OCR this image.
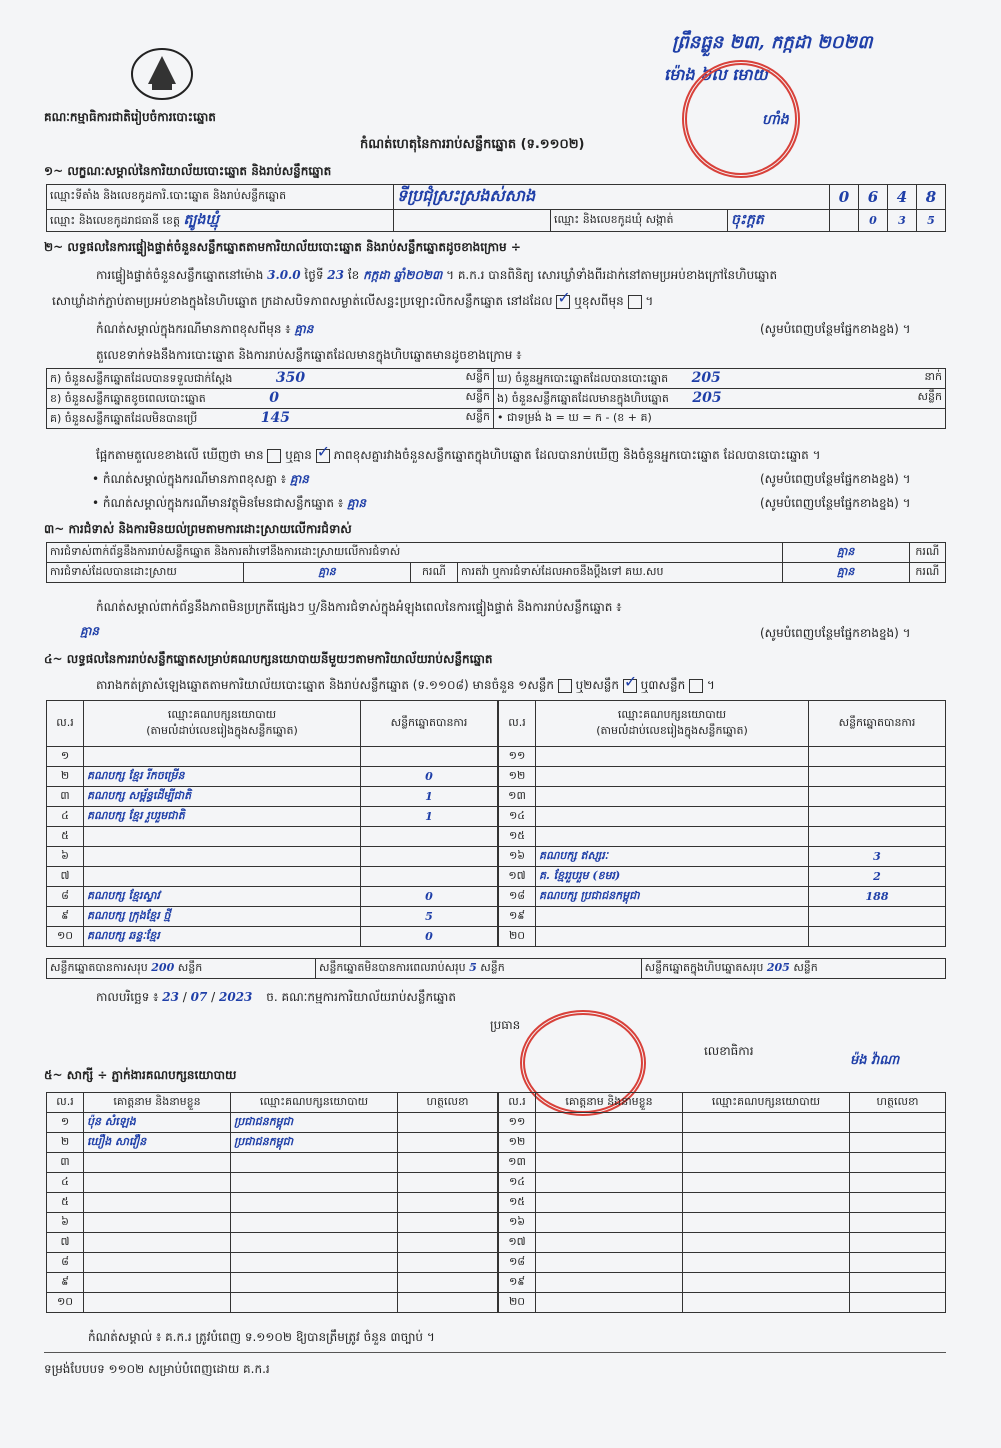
គណៈកម្មាធិការជាតិរៀបចំការបោះឆ្នោត
ព្រឹនធ្លួន ២៣, កក្កដា ២០២៣
ម៉ោង ៦ល​ មោយ
ហាំង
កំណត់ហេតុនៃការរាប់សន្លឹកឆ្នោត (ទ.១១០២)
១~ លក្ខណៈសម្គាល់នៃការិយាល័យបោះឆ្នោត និងរាប់សន្លឹកឆ្នោត
ឈ្មោះទីតាំង និងលេខកូដការិ.បោះឆ្នោត និងរាប់សន្លឹកឆ្នោត	ទីប្រជុំស្រះស្រងស់សាង			0	6	4	8
ឈ្មោះ និងលេខកូដរាជធានី ខេត្ត ត្បូងឃ្មុំ		ឈ្មោះ និងលេខកូដឃុំ សង្កាត់	ចុះក្តត		0	3	5
២~ លទ្ធផលនៃការផ្ទៀងផ្ទាត់ចំនួនសន្លឹកឆ្នោតតាមការិយាល័យបោះឆ្នោត និងរាប់សន្លឹកឆ្នោតដូចខាងក្រោម ÷
ការផ្ទៀងផ្ទាត់ចំនួនសន្លឹកឆ្នោតនៅម៉ោង 3.0.0 ថ្ងៃទី 23 ខែ កក្កដា ឆ្នាំ២០២៣ ។ គ.ក.រ បានពិនិត្យ ​សោរឃ្លាំទាំងពីរដាក់នៅតាមប្រអប់ខាងក្រៅនៃហិបឆ្នោត
សោឃ្លាំដាក់ភ្ជាប់តាមប្រអប់ខាងក្នុងនៃហិបឆ្នោត ក្រដាសបិទភាពសម្ងាត់លើសន្ទះប្រឡោះលិកសន្លឹកឆ្នោត នៅដដែល ✓ ឬខុសពីមុន  ។
កំណត់សម្គាល់ក្នុងករណីមានភាពខុសពីមុន ៖ គ្មាន	(សូមបំពេញបន្ថែមផ្នែកខាងខ្នង) ។
តួលេខទាក់ទងនឹងការបោះឆ្នោត និងការរាប់សន្លឹកឆ្នោតដែលមានក្នុងហិបឆ្នោតមានដូចខាងក្រោម ៖
ក) ចំនួនសន្លឹកឆ្នោតដែលបានទទួលជាក់ស្តែង 350 សន្លឹក	ឃ) ចំនួនអ្នកបោះឆ្នោតដែលបានបោះឆ្នោត 205 នាក់

ខ) ចំនួនសន្លឹកឆ្នោតខូចពេលបោះឆ្នោត 0 សន្លឹក	ង) ចំនួនសន្លឹកឆ្នោតដែលមានក្នុងហិបឆ្នោត 205 សន្លឹក

គ) ចំនួនសន្លឹកឆ្នោតដែលមិនបានប្រើ 145 សន្លឹក	• ជាទម្រង់ ង = ឃ = ក - (ខ + គ)
ផ្អែកតាមតួលេខខាងលើ ឃើញថា មាន ឬគ្មាន ✓ ភាពខុសគ្នារវាងចំនួនសន្លឹកឆ្នោតក្នុងហិបឆ្នោត ដែលបានរាប់ឃើញ និងចំនួនអ្នកបោះឆ្នោត ដែលបានបោះឆ្នោត ។
• កំណត់សម្គាល់ក្នុងករណីមានភាពខុសគ្នា ៖ គ្មាន	(សូមបំពេញបន្ថែមផ្នែកខាងខ្នង) ។
• កំណត់សម្គាល់ក្នុងករណីមានវត្ថុមិនមែនជាសន្លឹកឆ្នោត ៖ គ្មាន	(សូមបំពេញបន្ថែមផ្នែកខាងខ្នង) ។
៣~ ការជំទាស់ និងការមិនយល់ព្រមតាមការដោះស្រាយលើការជំទាស់
ការជំទាស់ពាក់ព័ន្ធនឹងការរាប់សន្លឹកឆ្នោត និងការតវ៉ាទៅនឹងការដោះស្រាយលើការជំទាស់				គ្មាន	ករណី
ការជំទាស់ដែលបានដោះស្រាយ	គ្មាន	ករណី	ការតវ៉ា ឬការជំទាស់ដែលអាចនឹងប្តឹងទៅ គឃ.សប	គ្មាន	ករណី
កំណត់សម្គាល់ពាក់ព័ន្ធនឹងភាពមិនប្រក្រតីផ្សេងៗ ឬ/និងការជំទាស់ក្នុងអំឡុងពេលនៃការផ្ទៀងផ្ទាត់ និងការរាប់សន្លឹកឆ្នោត ៖
គ្មាន	(សូមបំពេញបន្ថែមផ្នែកខាងខ្នង) ។
៤~ លទ្ធផលនៃការរាប់សន្លឹកឆ្នោតសម្រាប់គណបក្សនយោបាយនីមួយៗតាមការិយាល័យរាប់សន្លឹកឆ្នោត
តារាងកត់ត្រាសំឡេងឆ្នោតតាមការិយាល័យបោះឆ្នោត និងរាប់សន្លឹកឆ្នោត (ទ.១១០៨) មានចំនួន ១សន្លឹក ឬ២សន្លឹក ✓ ឬ៣សន្លឹក  ។
ល.រ	ឈ្មោះគណបក្សនយោបាយ
(តាមលំដាប់លេខរៀងក្នុងសន្លឹកឆ្នោត)	សន្លឹកឆ្នោតបានការ
១		
២	គណបក្ស ខ្មែរ​ រីកចម្រើន	0
៣	គណបក្ស សម្ព័ន្ធដើម្បីជាតិ	1
៤	គណបក្ស ខ្មែរ រួបរួមជាតិ	1
៥		
៦		
៧		
៨	គណបក្ស ខ្មែរ​ស្ទាវ	0
៩	គណបក្ស ក្រុងខ្មែរ ថ្មី	5
១០	គណបក្ស ឆន្ទៈខ្មែរ	0
ល.រ	ឈ្មោះគណបក្សនយោបាយ
(តាមលំដាប់លេខរៀងក្នុងសន្លឹកឆ្នោត)	សន្លឹកឆ្នោតបានការ
១១		
១២		
១៣		
១៤		
១៥		
១៦	គណបក្ស ឥស្សរៈ	3
១៧	គ. ខ្មែររួបរួម (ខមរ)	2
១៨	គណបក្ស ប្រជាជនកម្ពុជា	188
១៩		
២០		
សន្លឹកឆ្នោតបានការសរុប 200 សន្លឹក	សន្លឹកឆ្នោតមិនបានការពេលរាប់សរុប 5 សន្លឹក	សន្លឹកឆ្នោតក្នុងហិបឆ្នោតសរុប 205 សន្លឹក
កាលបរិច្ឆេទ ៖ 23 / 07 / 2023 ច. គណៈកម្មការការិយាល័យរាប់សន្លឹកឆ្នោត
ប្រធាន
លេខាធិការ
ម៉ង វ៉ាណា
៥~ សាក្សី ÷ ភ្នាក់ងារគណបក្សនយោបាយ
ល.រ	គោត្តនាម និងនាមខ្លួន	ឈ្មោះគណបក្សនយោបាយ	ហត្ថលេខា
១	ប៉ុន សំឡេង	ប្រជាជនកម្ពុជា	
២	ឃឿង សាវឿន	ប្រជាជនកម្ពុជា	
៣			
៤			
៥			
៦			
៧			
៨			
៩			
១០			
ល.រ	គោត្តនាម និងនាមខ្លួន	ឈ្មោះគណបក្សនយោបាយ	ហត្ថលេខា
១១			
១២			
១៣			
១៤			
១៥			
១៦			
១៧			
១៨			
១៩			
២០			
កំណត់សម្គាល់ ៖ គ.ក.រ ត្រូវបំពេញ ទ.១១០២ ឱ្យបានត្រឹមត្រូវ ចំនួន ៣ច្បាប់ ។
ទម្រង់បែបបទ ១១០២ សម្រាប់បំពេញដោយ គ.ក.រ
